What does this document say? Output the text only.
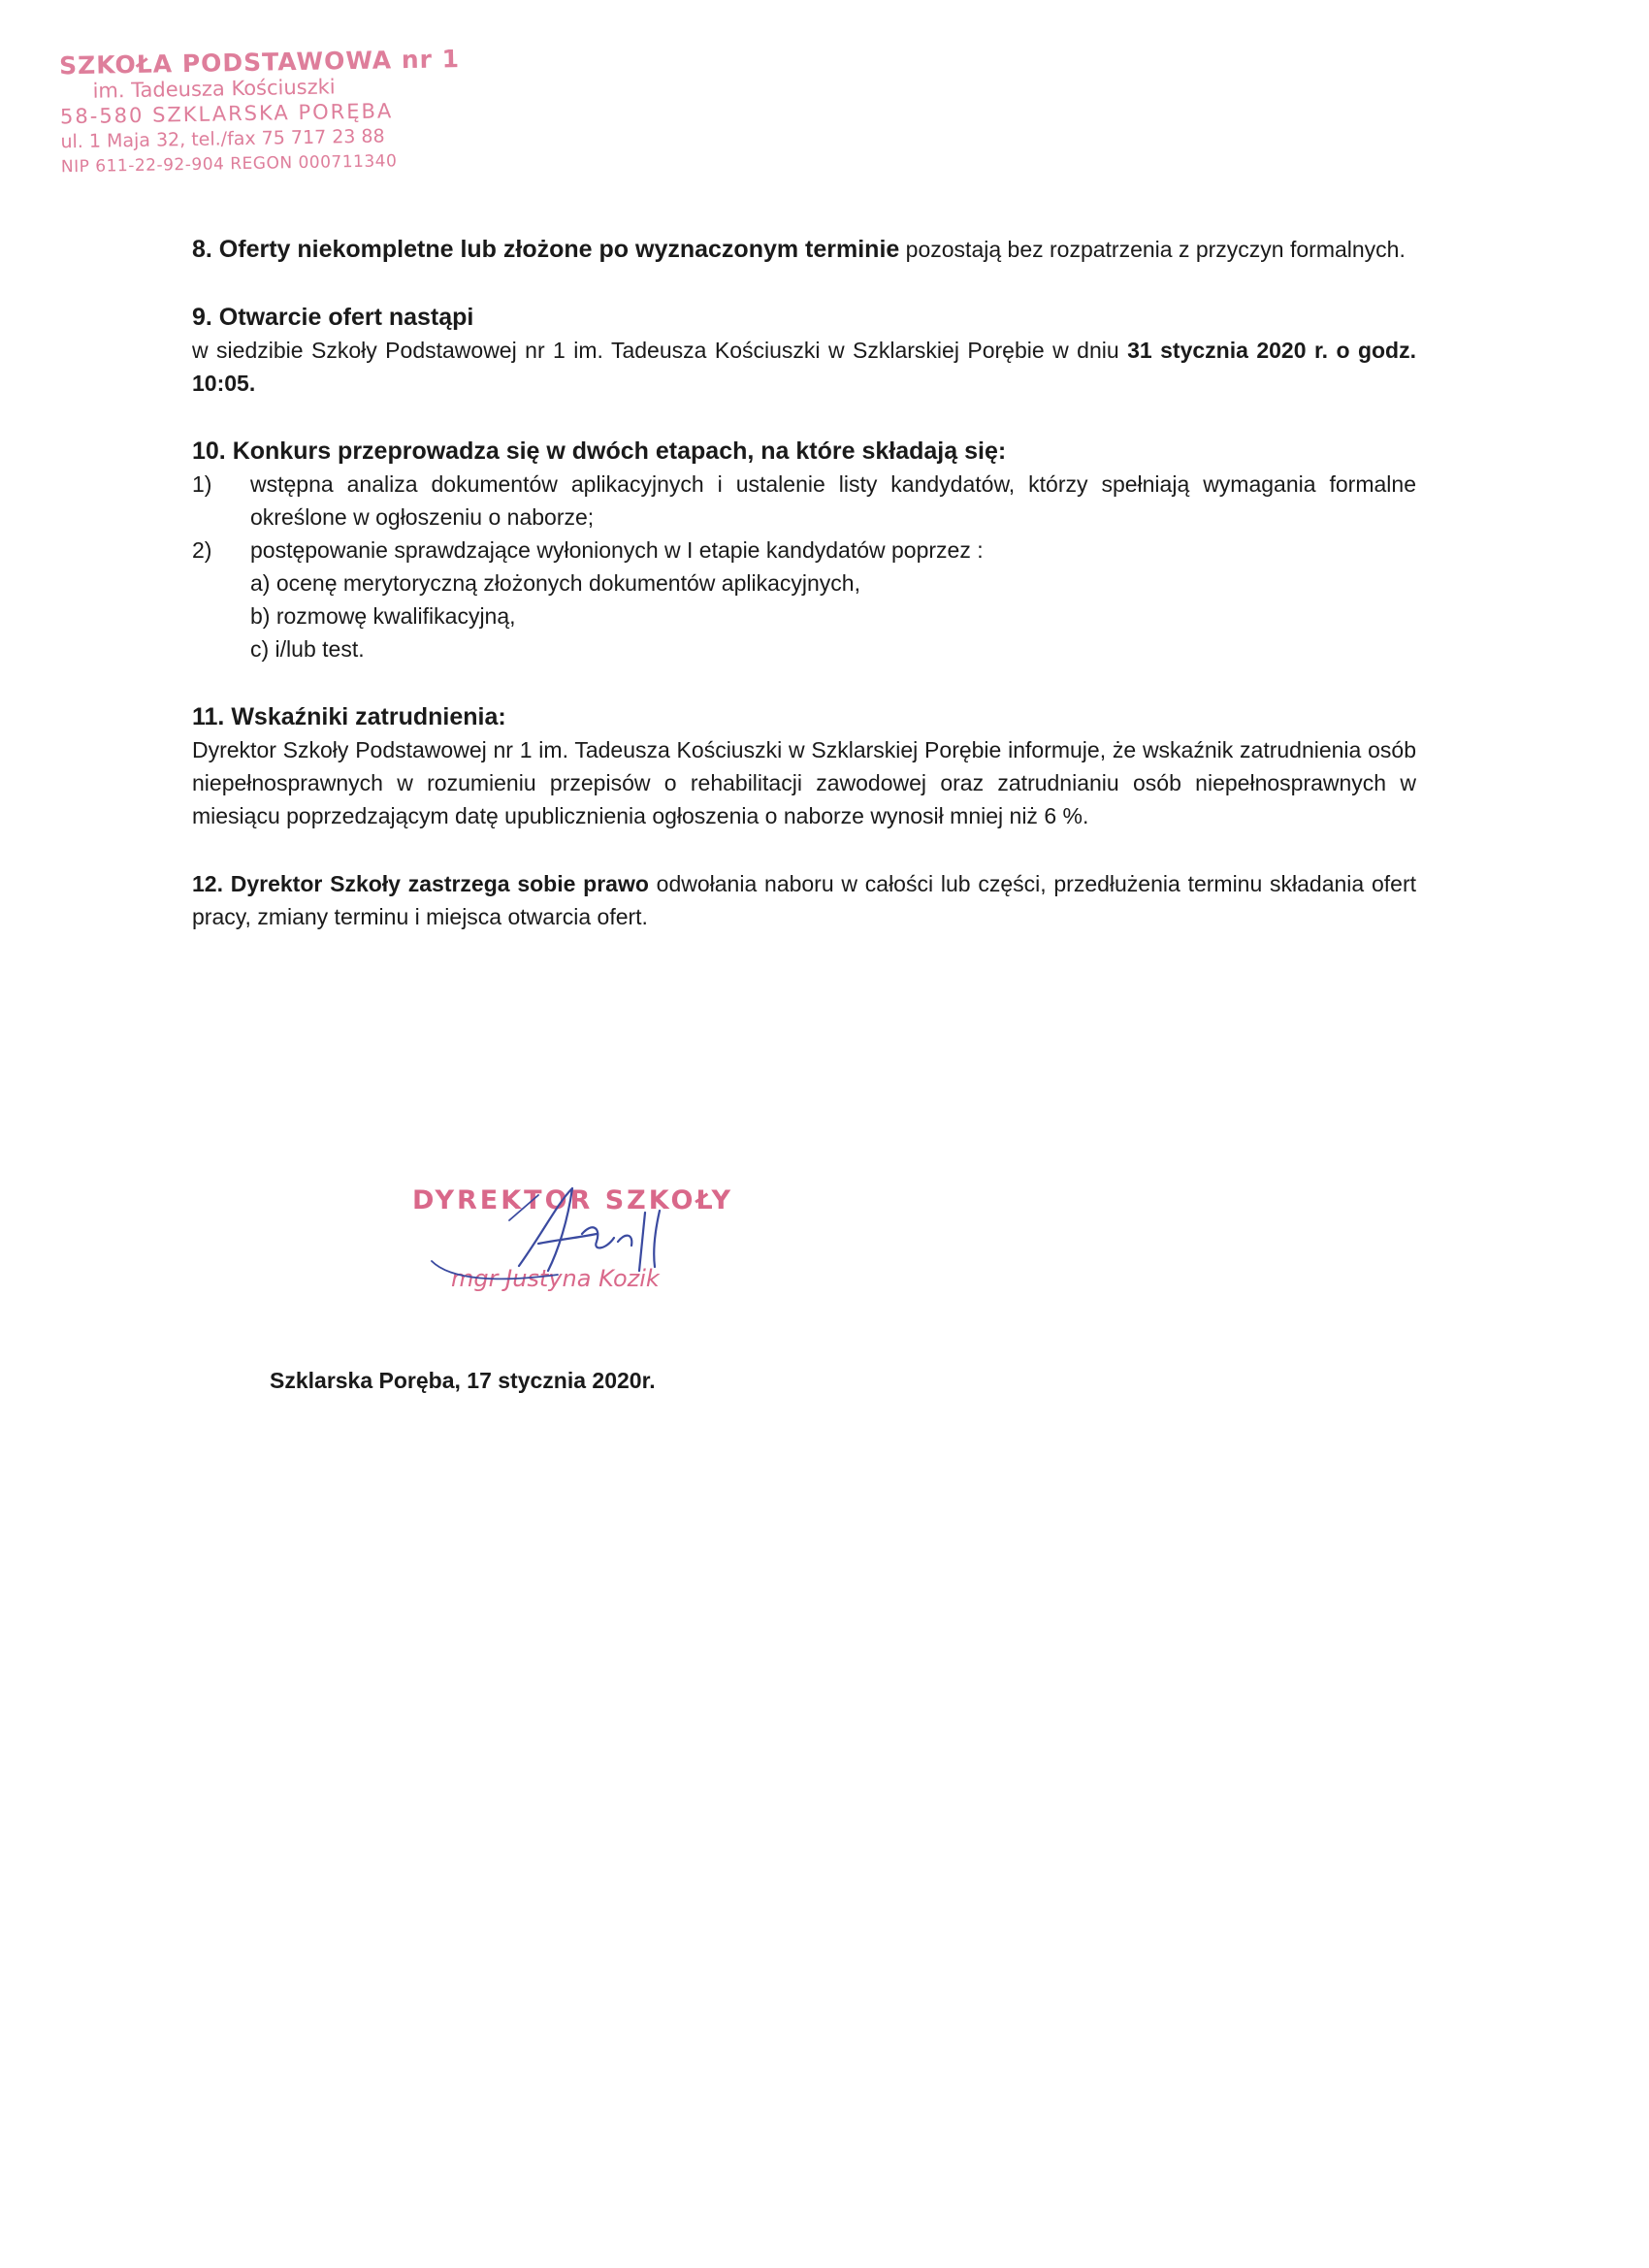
SZKOŁA PODSTAWOWA nr 1
im. Tadeusza Kościuszki
58-580 SZKLARSKA PORĘBA
ul. 1 Maja 32, tel./fax 75 717 23 88
NIP 611-22-92-904 REGON 000711340

8. Oferty niekompletne lub złożone po wyznaczonym terminie pozostają bez rozpatrzenia z przyczyn formalnych.

9. Otwarcie ofert nastąpi

w siedzibie Szkoły Podstawowej nr 1 im. Tadeusza Kościuszki w Szklarskiej Porębie w dniu 31 stycznia 2020 r. o godz. 10:05.

10. Konkurs przeprowadza się w dwóch etapach, na które składają się:

1) wstępna analiza dokumentów aplikacyjnych i ustalenie listy kandydatów, którzy spełniają wymagania formalne określone w ogłoszeniu o naborze;
2) postępowanie sprawdzające wyłonionych w I etapie kandydatów poprzez :
a) ocenę merytoryczną złożonych dokumentów aplikacyjnych,
b) rozmowę kwalifikacyjną,
c) i/lub test.

11. Wskaźniki zatrudnienia:

Dyrektor Szkoły Podstawowej nr 1 im. Tadeusza Kościuszki w Szklarskiej Porębie informuje, że wskaźnik zatrudnienia osób niepełnosprawnych w rozumieniu przepisów o rehabilitacji zawodowej oraz zatrudnianiu osób niepełnosprawnych w miesiącu poprzedzającym datę upublicznienia ogłoszenia o naborze wynosił mniej niż 6 %.

12. Dyrektor Szkoły zastrzega sobie prawo odwołania naboru w całości lub części, przedłużenia terminu składania ofert pracy, zmiany terminu i miejsca otwarcia ofert.

DYREKTOR SZKOŁY
mgr Justyna Kozik
Szklarska Poręba, 17 stycznia 2020r.
